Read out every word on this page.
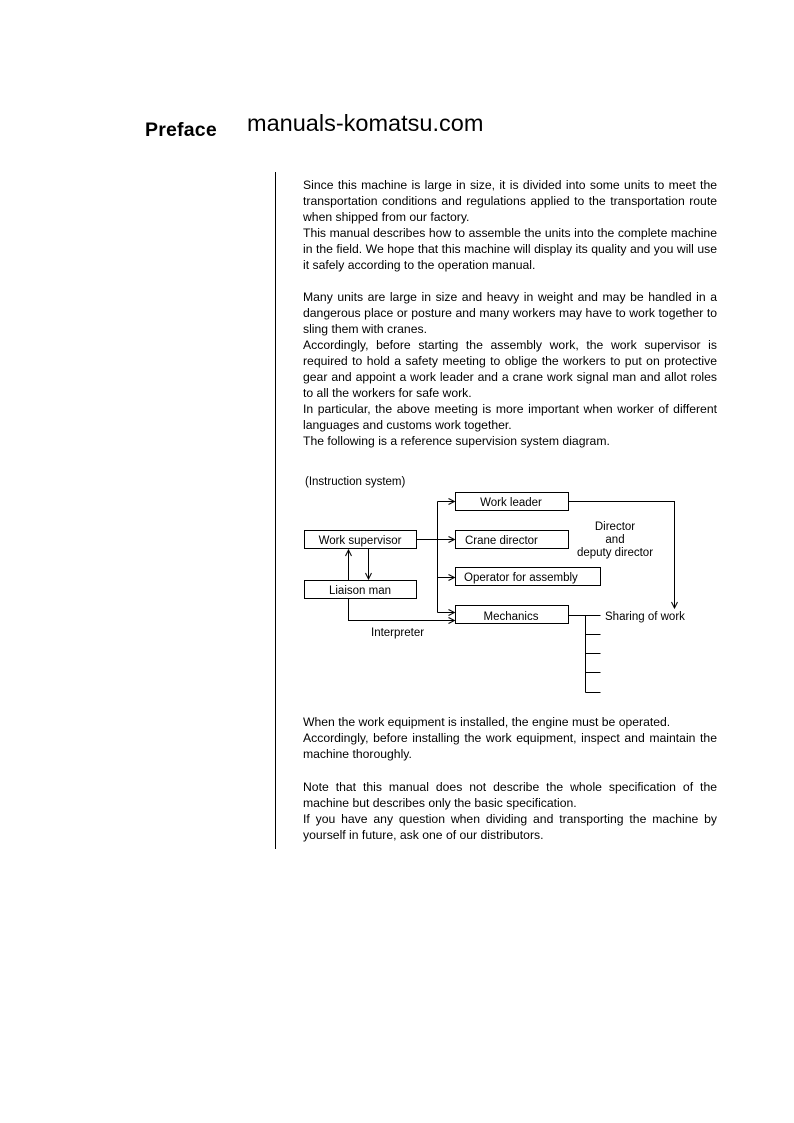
Preface manuals-komatsu.com

Since this machine is large in size, it is divided into some units to meet the transportation conditions and regulations applied to the transportation route when shipped from our factory.

This manual describes how to assemble the units into the complete machine in the field. We hope that this machine will display its quality and you will use it safely according to the operation manual.

Many units are large in size and heavy in weight and may be handled in a dangerous place or posture and many workers may have to work together to sling them with cranes.

Accordingly, before starting the assembly work, the work supervisor is required to hold a safety meeting to oblige the workers to put on protective gear and appoint a work leader and a crane work signal man and allot roles to all the workers for safe work.

In particular, the above meeting is more important when worker of different languages and customs work together.

The following is a reference supervision system diagram.

(Instruction system)
Work supervisor
Liaison man
Work leader
Crane director
Operator for assembly
Mechanics
Director
and
deputy director
Interpreter
Sharing of work

When the work equipment is installed, the engine must be operated.

Accordingly, before installing the work equipment, inspect and maintain the machine thoroughly.

Note that this manual does not describe the whole specification of the machine but describes only the basic specification.

If you have any question when dividing and transporting the machine by yourself in future, ask one of our distributors.
